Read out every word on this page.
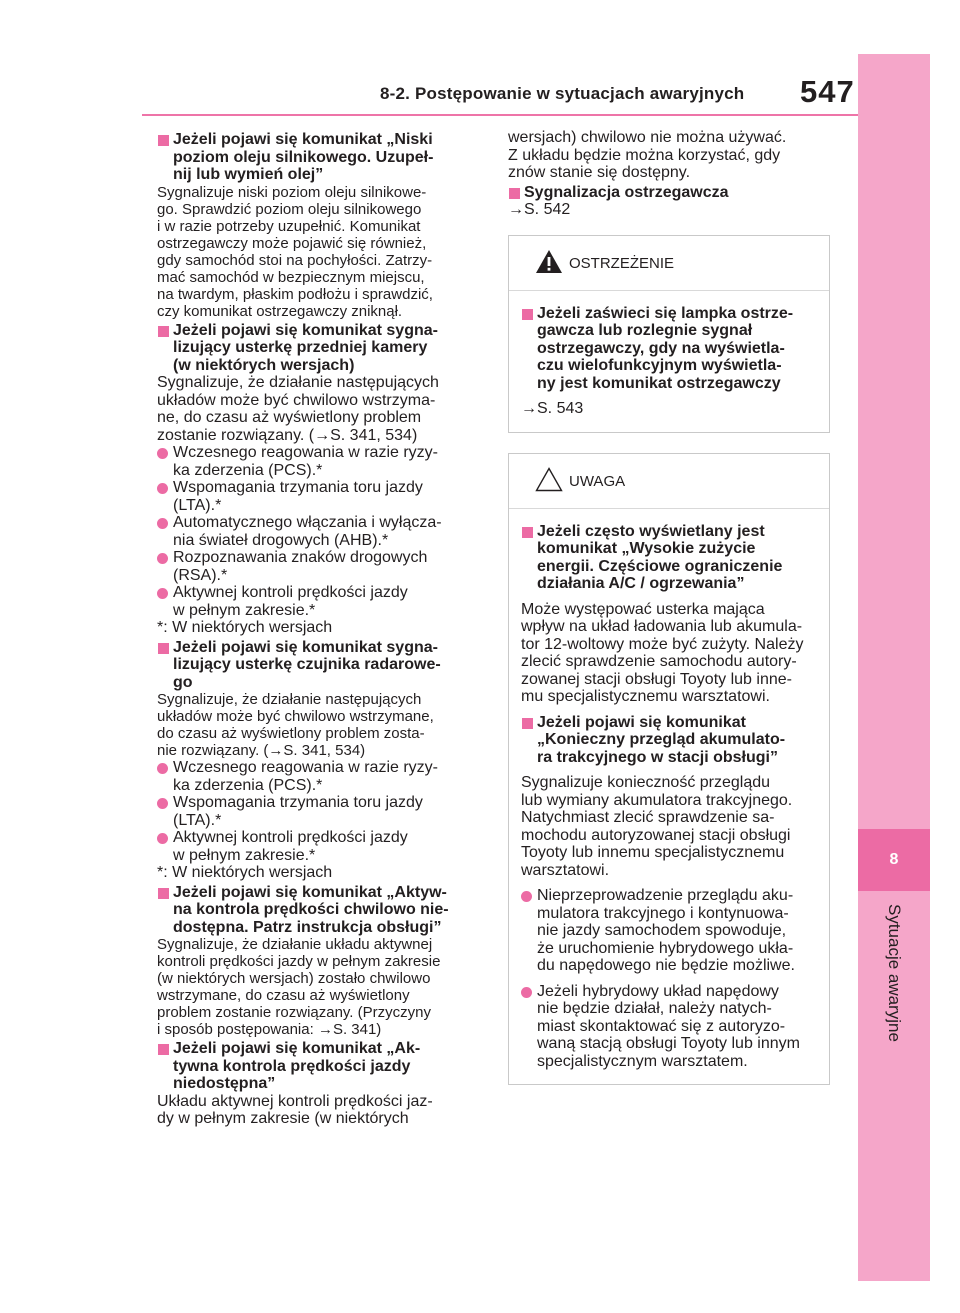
8-2. Postępowanie w sytuacjach awaryjnych 547
8
Sytuacje awaryjne
Jeżeli pojawi się komunikat „Niski
poziom oleju silnikowego. Uzupeł-
nij lub wymień olej”
Sygnalizuje niski poziom oleju silnikowe-
go. Sprawdzić poziom oleju silnikowego
i w razie potrzeby uzupełnić. Komunikat
ostrzegawczy może pojawić się również,
gdy samochód stoi na pochyłości. Zatrzy-
mać samochód w bezpiecznym miejscu,
na twardym, płaskim podłożu i sprawdzić,
czy komunikat ostrzegawczy zniknął.
Jeżeli pojawi się komunikat sygna-
lizujący usterkę przedniej kamery
(w niektórych wersjach)
Sygnalizuje, że działanie następujących
układów może być chwilowo wstrzyma-
ne, do czasu aż wyświetlony problem
zostanie rozwiązany. (→S. 341, 534)
Wczesnego reagowania w razie ryzy-
ka zderzenia (PCS).*
Wspomagania trzymania toru jazdy
(LTA).*
Automatycznego włączania i wyłącza-
nia świateł drogowych (AHB).*
Rozpoznawania znaków drogowych
(RSA).*
Aktywnej kontroli prędkości jazdy
w pełnym zakresie.*
*: W niektórych wersjach
Jeżeli pojawi się komunikat sygna-
lizujący usterkę czujnika radarowe-
go
Sygnalizuje, że działanie następujących
układów może być chwilowo wstrzymane,
do czasu aż wyświetlony problem zosta-
nie rozwiązany. (→S. 341, 534)
Wczesnego reagowania w razie ryzy-
ka zderzenia (PCS).*
Wspomagania trzymania toru jazdy
(LTA).*
Aktywnej kontroli prędkości jazdy
w pełnym zakresie.*
*: W niektórych wersjach
Jeżeli pojawi się komunikat „Aktyw-
na kontrola prędkości chwilowo nie-
dostępna. Patrz instrukcja obsługi”
Sygnalizuje, że działanie układu aktywnej
kontroli prędkości jazdy w pełnym zakresie
(w niektórych wersjach) zostało chwilowo
wstrzymane, do czasu aż wyświetlony
problem zostanie rozwiązany. (Przyczyny
i sposób postępowania: →S. 341)
Jeżeli pojawi się komunikat „Ak-
tywna kontrola prędkości jazdy
niedostępna”
Układu aktywnej kontroli prędkości jaz-
dy w pełnym zakresie (w niektórych
wersjach) chwilowo nie można używać.
Z układu będzie można korzystać, gdy
znów stanie się dostępny.
Sygnalizacja ostrzegawcza
→S. 542
OSTRZEŻENIE
Jeżeli zaświeci się lampka ostrze-
gawcza lub rozlegnie sygnał
ostrzegawczy, gdy na wyświetla-
czu wielofunkcyjnym wyświetla-
ny jest komunikat ostrzegawczy
→S. 543
UWAGA
Jeżeli często wyświetlany jest
komunikat „Wysokie zużycie
energii. Częściowe ograniczenie
działania A/C / ogrzewania”
Może występować usterka mająca
wpływ na układ ładowania lub akumula-
tor 12-woltowy może być zużyty. Należy
zlecić sprawdzenie samochodu autory-
zowanej stacji obsługi Toyoty lub inne-
mu specjalistycznemu warsztatowi.
Jeżeli pojawi się komunikat
„Konieczny przegląd akumulato-
ra trakcyjnego w stacji obsługi”
Sygnalizuje konieczność przeglądu
lub wymiany akumulatora trakcyjnego.
Natychmiast zlecić sprawdzenie sa-
mochodu autoryzowanej stacji obsługi
Toyoty lub innemu specjalistycznemu
warsztatowi.
Nieprzeprowadzenie przeglądu aku-
mulatora trakcyjnego i kontynuowa-
nie jazdy samochodem spowoduje,
że uruchomienie hybrydowego ukła-
du napędowego nie będzie możliwe.
Jeżeli hybrydowy układ napędowy
nie będzie działał, należy natych-
miast skontaktować się z autoryzo-
waną stacją obsługi Toyoty lub innym
specjalistycznym warsztatem.
